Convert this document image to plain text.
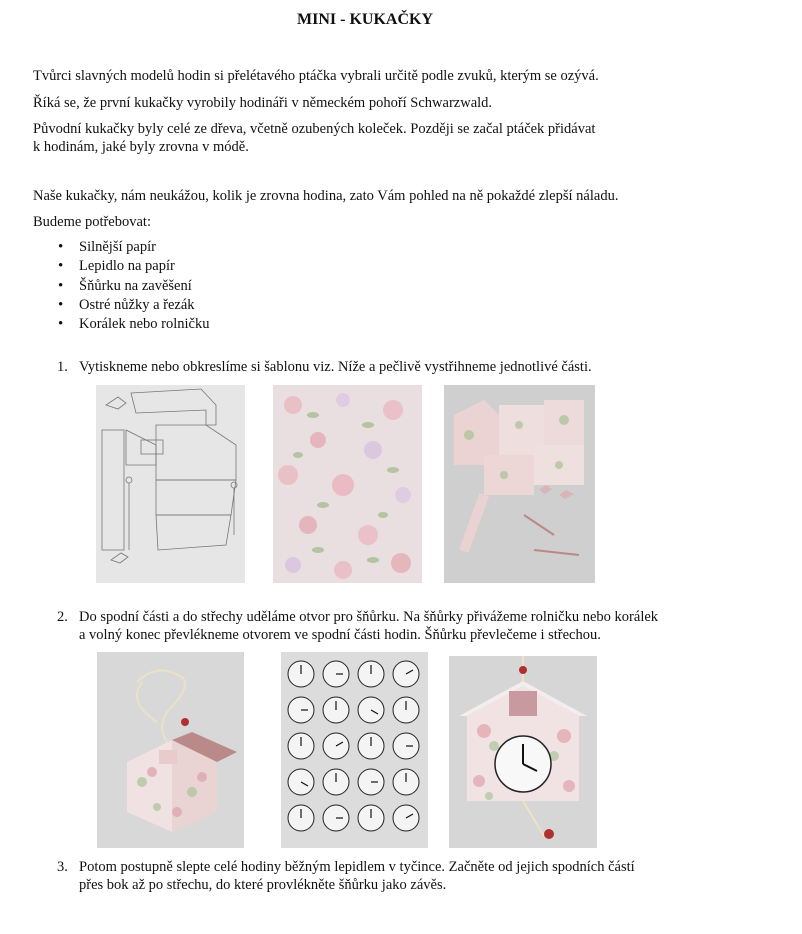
MINI - KUKAČKY
Tvůrci slavných modelů hodin si přelétavého ptáčka vybrali určitě podle zvuků, kterým se ozývá.
Říká se, že první kukačky vyrobily hodináři v německém pohoří Schwarzwald.
Původní kukačky byly celé ze dřeva, včetně ozubených koleček. Později se začal ptáček přidávat
k hodinám, jaké byly zrovna v módě.
Naše kukačky, nám neukážou, kolik je zrovna hodina, zato Vám pohled na ně pokaždé zlepší náladu.
Budeme potřebovat:
• Silnější papír
• Lepidlo na papír
• Šňůrku na zavěšení
• Ostré nůžky a řezák
• Korálek nebo rolničku
1. Vytiskneme nebo obkreslíme si šablonu viz. Níže a pečlivě vystřihneme jednotlivé části.
2. Do spodní části a do střechy uděláme otvor pro šňůrku. Na šňůrky přivážeme rolničku nebo korálek
a volný konec převlékneme otvorem ve spodní části hodin. Šňůrku převlečeme i střechou.
3. Potom postupně slepte celé hodiny běžným lepidlem v tyčince. Začněte od jejich spodních částí
přes bok až po střechu, do které provlékněte šňůrku jako závěs.
